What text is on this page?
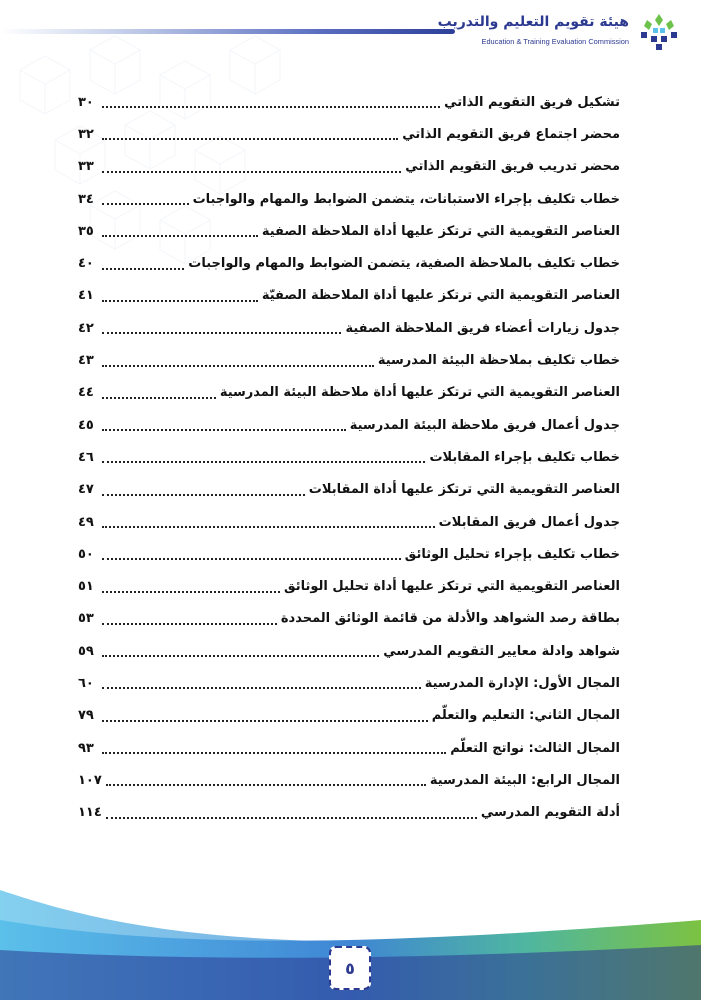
هيئة تقويم التعليم والتدريب
Education & Training Evaluation Commission
تشكيل فريق التقويم الذاتي
٣٠
محضر اجتماع فريق التقويم الذاتي
٣٢
محضر تدريب فريق التقويم الذاتي
٣٣
خطاب تكليف بإجراء الاستبانات، يتضمن الضوابط والمهام والواجبات
٣٤
العناصر التقويمية التي ترتكز عليها أداة الملاحظة الصفية
٣٥
خطاب تكليف بالملاحظة الصفية، يتضمن الضوابط والمهام والواجبات
٤٠
العناصر التقويمية التي ترتكز عليها أداة الملاحظة الصفيّة
٤١
جدول زيارات أعضاء فريق الملاحظة الصفية
٤٢
خطاب تكليف بملاحظة البيئة المدرسية
٤٣
العناصر التقويمية التي ترتكز عليها أداة ملاحظة البيئة المدرسية
٤٤
جدول أعمال فريق ملاحظة البيئة المدرسية
٤٥
خطاب تكليف بإجراء المقابلات
٤٦
العناصر التقويمية التي ترتكز عليها أداة المقابلات
٤٧
جدول أعمال فريق المقابلات
٤٩
خطاب تكليف بإجراء تحليل الوثائق
٥٠
العناصر التقويمية التي ترتكز عليها أداة تحليل الوثائق
٥١
بطاقة رصد الشواهد والأدلة من قائمة الوثائق المحددة
٥٣
شواهد وادلة معايير التقويم المدرسي
٥٩
المجال الأول: الإدارة المدرسية
٦٠
المجال الثاني: التعليم والتعلّم
٧٩
المجال الثالث: نواتج التعلّم
٩٣
المجال الرابع: البيئة المدرسية
١٠٧
أدلة التقويم المدرسي
١١٤
٥
